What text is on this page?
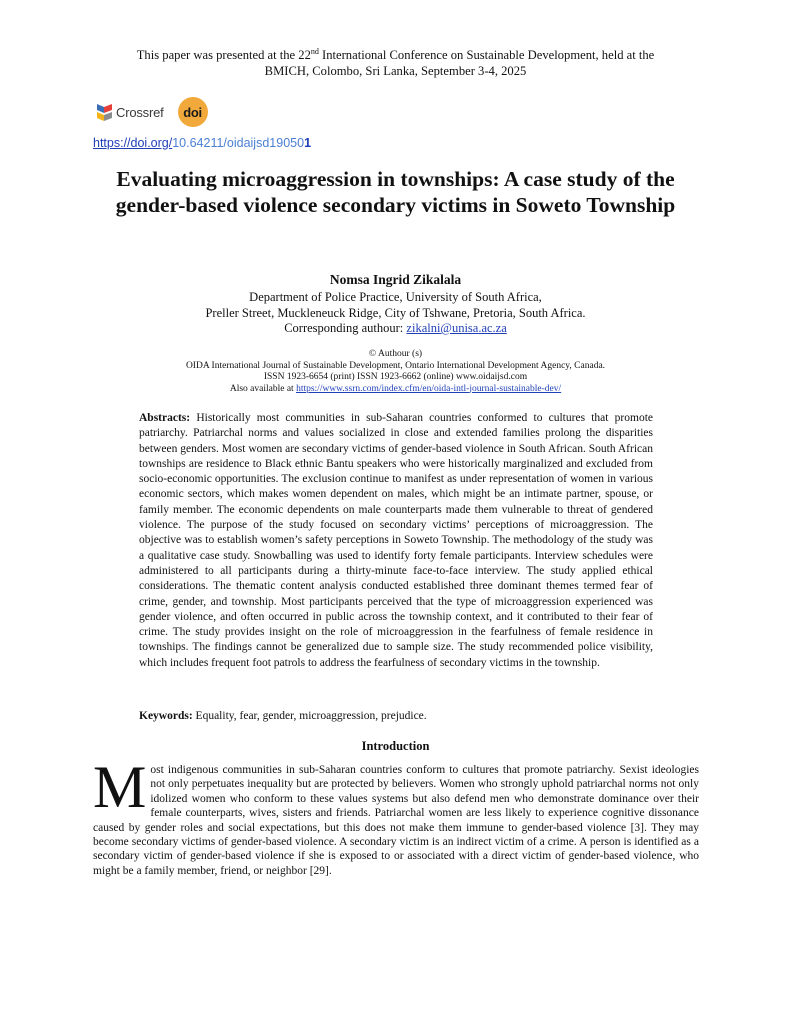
This paper was presented at the 22nd International Conference on Sustainable Development, held at the
BMICH, Colombo, Sri Lanka, September 3-4, 2025
Crossref doi
https://doi.org/10.64211/oidaijsd190501
Evaluating microaggression in townships: A case study of the gender-based violence secondary victims in Soweto Township
Nomsa Ingrid Zikalala
Department of Police Practice, University of South Africa,
Preller Street, Muckleneuck Ridge, City of Tshwane, Pretoria, South Africa.
Corresponding authour: zikalni@unisa.ac.za
© Authour (s)
OIDA International Journal of Sustainable Development, Ontario International Development Agency, Canada.
ISSN 1923-6654 (print) ISSN 1923-6662 (online) www.oidaijsd.com
Also available at https://www.ssrn.com/index.cfm/en/oida-intl-journal-sustainable-dev/
Abstracts: Historically most communities in sub-Saharan countries conformed to cultures that promote patriarchy. Patriarchal norms and values socialized in close and extended families prolong the disparities between genders. Most women are secondary victims of gender-based violence in South African. South African townships are residence to Black ethnic Bantu speakers who were historically marginalized and excluded from socio-economic opportunities. The exclusion continue to manifest as under representation of women in various economic sectors, which makes women dependent on males, which might be an intimate partner, spouse, or family member. The economic dependents on male counterparts made them vulnerable to threat of gendered violence. The purpose of the study focused on secondary victims’ perceptions of microaggression. The objective was to establish women’s safety perceptions in Soweto Township. The methodology of the study was a qualitative case study. Snowballing was used to identify forty female participants. Interview schedules were administered to all participants during a thirty-minute face-to-face interview. The study applied ethical considerations. The thematic content analysis conducted established three dominant themes termed fear of crime, gender, and township. Most participants perceived that the type of microaggression experienced was gender violence, and often occurred in public across the township context, and it contributed to their fear of crime. The study provides insight on the role of microaggression in the fearfulness of female residence in townships. The findings cannot be generalized due to sample size. The study recommended police visibility, which includes frequent foot patrols to address the fearfulness of secondary victims in the township.
Keywords: Equality, fear, gender, microaggression, prejudice.
Introduction
Most indigenous communities in sub-Saharan countries conform to cultures that promote patriarchy. Sexist ideologies not only perpetuates inequality but are protected by believers. Women who strongly uphold patriarchal norms not only idolized women who conform to these values systems but also defend men who demonstrate dominance over their female counterparts, wives, sisters and friends. Patriarchal women are less likely to experience cognitive dissonance caused by gender roles and social expectations, but this does not make them immune to gender-based violence [3]. They may become secondary victims of gender-based violence. A secondary victim is an indirect victim of a crime. A person is identified as a secondary victim of gender-based violence if she is exposed to or associated with a direct victim of gender-based violence, who might be a family member, friend, or neighbor [29].
